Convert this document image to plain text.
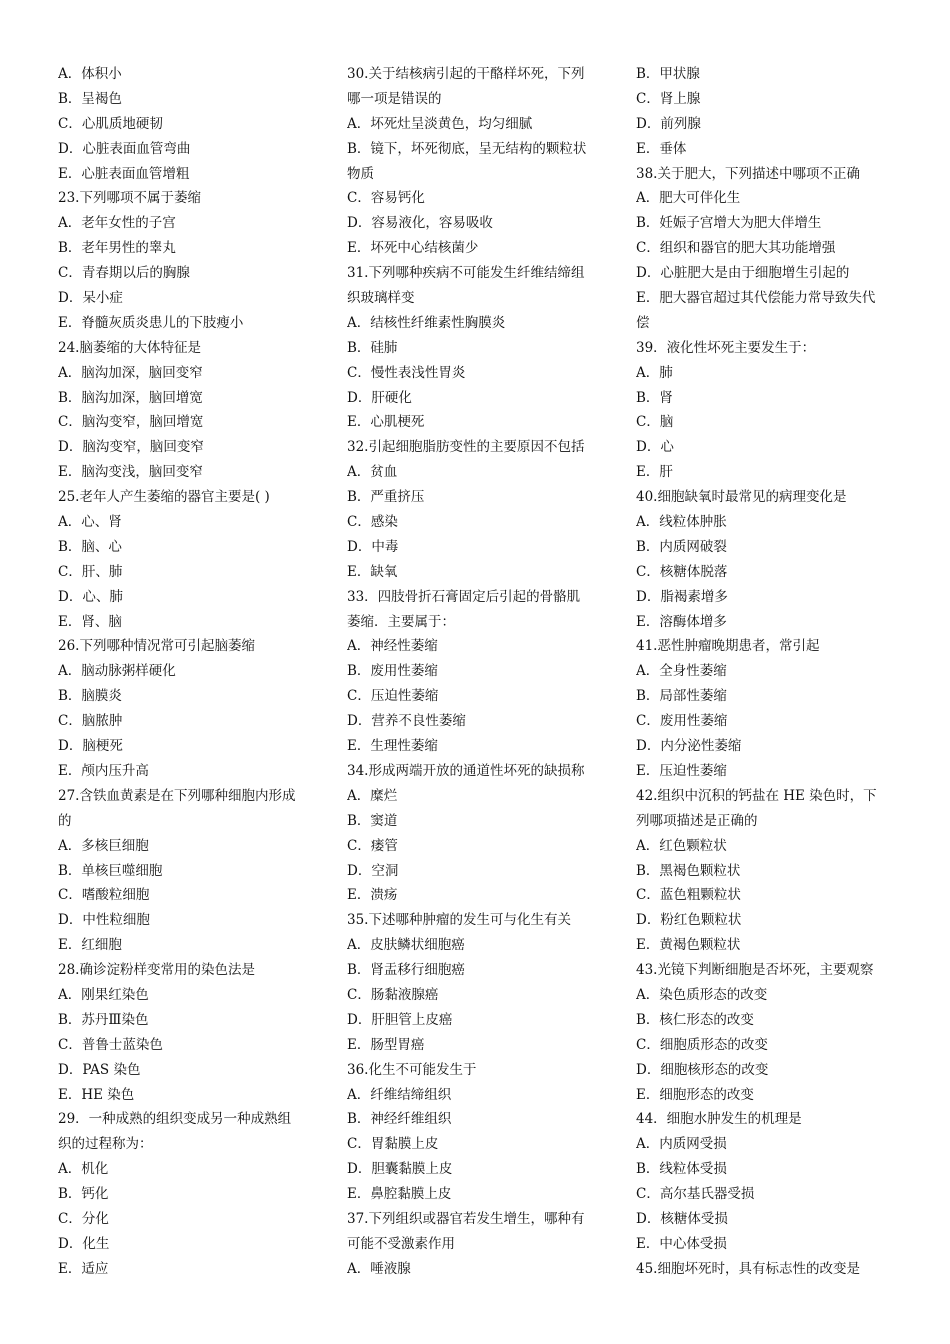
A．体积小
B．呈褐色
C．心肌质地硬韧
D．心脏表面血管弯曲
E．心脏表面血管增粗
23.下列哪项不属于萎缩
A．老年女性的子宫
B．老年男性的睾丸
C．青春期以后的胸腺
D．呆小症
E．脊髓灰质炎患儿的下肢瘦小
24.脑萎缩的大体特征是
A．脑沟加深，脑回变窄
B．脑沟加深，脑回增宽
C．脑沟变窄，脑回增宽
D．脑沟变窄，脑回变窄
E．脑沟变浅，脑回变窄
25.老年人产生萎缩的器官主要是( )
A．心、肾
B．脑、心
C．肝、肺
D．心、肺
E．肾、脑
26.下列哪种情况常可引起脑萎缩
A．脑动脉粥样硬化
B．脑膜炎
C．脑脓肿
D．脑梗死
E．颅内压升高
27.含铁血黄素是在下列哪种细胞内形成
的
A．多核巨细胞
B．单核巨噬细胞
C．嗜酸粒细胞
D．中性粒细胞
E．红细胞
28.确诊淀粉样变常用的染色法是
A．刚果红染色
B．苏丹Ⅲ染色
C．普鲁士蓝染色
D．PAS 染色
E．HE 染色
29．一种成熟的组织变成另一种成熟组
织的过程称为：
A．机化
B．钙化
C．分化
D．化生
E．适应
30.关于结核病引起的干酪样坏死，下列
哪一项是错误的
A．坏死灶呈淡黄色，均匀细腻
B．镜下，坏死彻底，呈无结构的颗粒状
物质
C．容易钙化
D．容易液化，容易吸收
E．坏死中心结核菌少
31.下列哪种疾病不可能发生纤维结缔组
织玻璃样变
A．结核性纤维素性胸膜炎
B．硅肺
C．慢性表浅性胃炎
D．肝硬化
E．心肌梗死
32.引起细胞脂肪变性的主要原因不包括
A．贫血
B．严重挤压
C．感染
D．中毒
E．缺氧
33．四肢骨折石膏固定后引起的骨骼肌
萎缩．主要属于：
A．神经性萎缩
B．废用性萎缩
C．压迫性萎缩
D．营养不良性萎缩
E．生理性萎缩
34.形成两端开放的通道性坏死的缺损称
A．糜烂
B．窦道
C．瘘管
D．空洞
E．溃疡
35.下述哪种肿瘤的发生可与化生有关
A．皮肤鳞状细胞癌
B．肾盂移行细胞癌
C．肠黏液腺癌
D．肝胆管上皮癌
E．肠型胃癌
36.化生不可能发生于
A．纤维结缔组织
B．神经纤维组织
C．胃黏膜上皮
D．胆囊黏膜上皮
E．鼻腔黏膜上皮
37.下列组织或器官若发生增生，哪种有
可能不受激素作用
A．唾液腺
B．甲状腺
C．肾上腺
D．前列腺
E．垂体
38.关于肥大，下列描述中哪项不正确
A．肥大可伴化生
B．妊娠子宫增大为肥大伴增生
C．组织和器官的肥大其功能增强
D．心脏肥大是由于细胞增生引起的
E．肥大器官超过其代偿能力常导致失代
偿
39．液化性坏死主要发生于：
A．肺
B．肾
C．脑
D．心
E．肝
40.细胞缺氧时最常见的病理变化是
A．线粒体肿胀
B．内质网破裂
C．核糖体脱落
D．脂褐素增多
E．溶酶体增多
41.恶性肿瘤晚期患者，常引起
A．全身性萎缩
B．局部性萎缩
C．废用性萎缩
D．内分泌性萎缩
E．压迫性萎缩
42.组织中沉积的钙盐在 HE 染色时，下
列哪项描述是正确的
A．红色颗粒状
B．黑褐色颗粒状
C．蓝色粗颗粒状
D．粉红色颗粒状
E．黄褐色颗粒状
43.光镜下判断细胞是否坏死，主要观察
A．染色质形态的改变
B．核仁形态的改变
C．细胞质形态的改变
D．细胞核形态的改变
E．细胞形态的改变
44．细胞水肿发生的机理是
A．内质网受损
B．线粒体受损
C．高尔基氏器受损
D．核糖体受损
E．中心体受损
45.细胞坏死时，具有标志性的改变是
